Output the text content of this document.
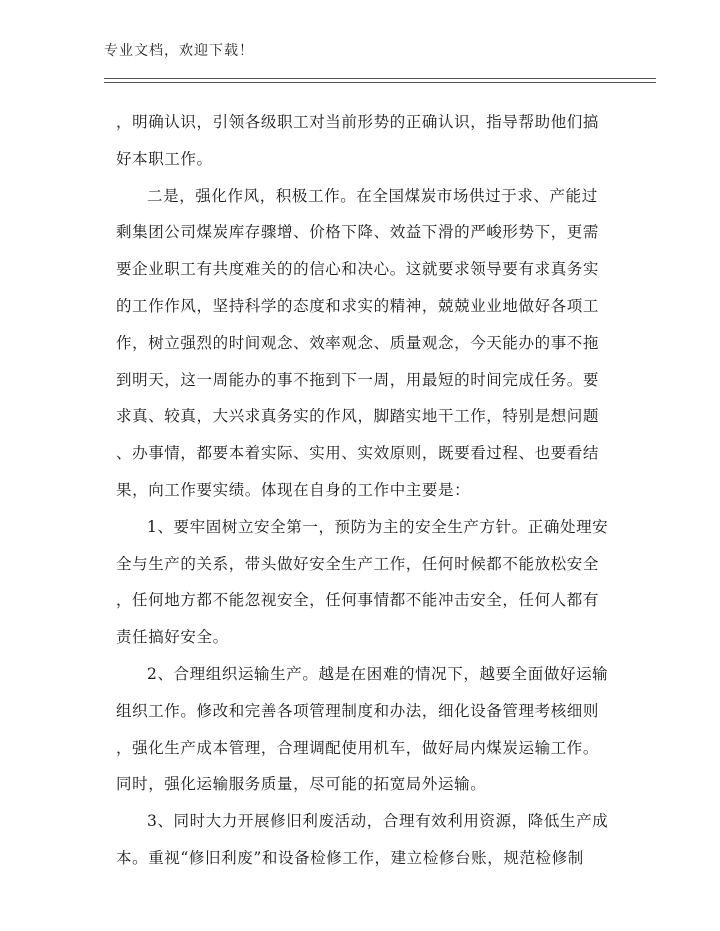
专业文档，欢迎下载！
，明确认识，引领各级职工对当前形势的正确认识，指导帮助他们搞
好本职工作。
二是，强化作风，积极工作。在全国煤炭市场供过于求、产能过
剩集团公司煤炭库存骤增、价格下降、效益下滑的严峻形势下，更需
要企业职工有共度难关的的信心和决心。这就要求领导要有求真务实
的工作作风，坚持科学的态度和求实的精神，兢兢业业地做好各项工
作，树立强烈的时间观念、效率观念、质量观念，今天能办的事不拖
到明天，这一周能办的事不拖到下一周，用最短的时间完成任务。要
求真、较真，大兴求真务实的作风，脚踏实地干工作，特别是想问题
、办事情，都要本着实际、实用、实效原则，既要看过程、也要看结
果，向工作要实绩。体现在自身的工作中主要是：
1、要牢固树立安全第一，预防为主的安全生产方针。正确处理安
全与生产的关系，带头做好安全生产工作，任何时候都不能放松安全
，任何地方都不能忽视安全，任何事情都不能冲击安全，任何人都有
责任搞好安全。
2、合理组织运输生产。越是在困难的情况下，越要全面做好运输
组织工作。修改和完善各项管理制度和办法，细化设备管理考核细则
，强化生产成本管理，合理调配使用机车，做好局内煤炭运输工作。
同时，强化运输服务质量，尽可能的拓宽局外运输。
3、同时大力开展修旧利废活动，合理有效利用资源，降低生产成
本。重视“修旧利废”和设备检修工作，建立检修台账，规范检修制
